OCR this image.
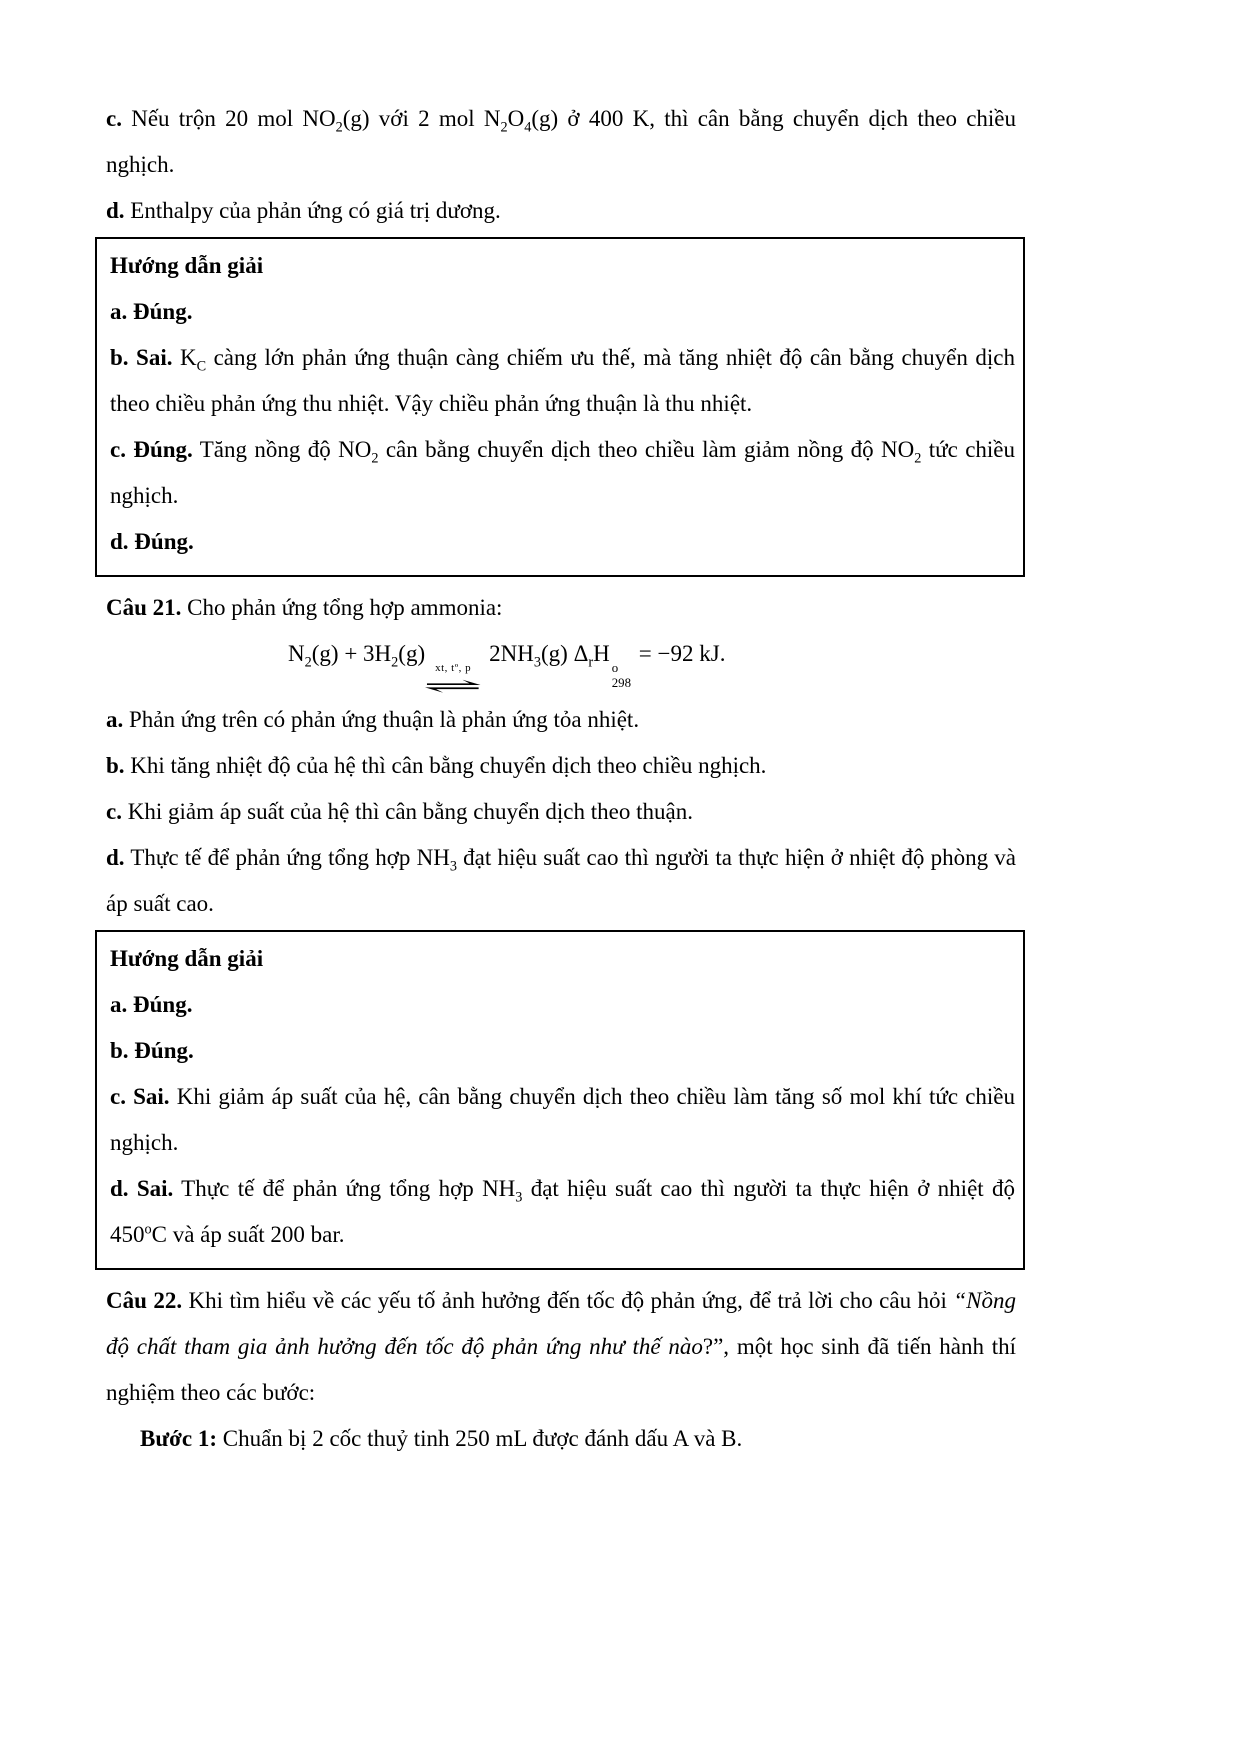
c. Nếu trộn 20 mol $NO_2(g)$ với 2 mol $N_2O_4(g)$ ở 400 K, thì cân bằng chuyển dịch theo chiều nghịch.

d. Enthalpy của phản ứng có giá trị dương.

Hướng dẫn giải

a. Đúng.

b. Sai. $K_C$ càng lớn phản ứng thuận càng chiếm ưu thế, mà tăng nhiệt độ cân bằng chuyển dịch theo chiều phản ứng thu nhiệt. Vậy chiều phản ứng thuận là thu nhiệt.

c. Đúng. Tăng nồng độ $NO_2$ cân bằng chuyển dịch theo chiều làm giảm nồng độ $NO_2$ tức chiều nghịch.

d. Đúng.

Câu 21. Cho phản ứng tổng hợp ammonia:

$N_2(g) + 3H_2(g)$
xt, tº, p
⇌
$2NH_3(g)$ $\Delta_rH$
o
298
= −92 kJ.

a. Phản ứng trên có phản ứng thuận là phản ứng tỏa nhiệt.

b. Khi tăng nhiệt độ của hệ thì cân bằng chuyển dịch theo chiều nghịch.

c. Khi giảm áp suất của hệ thì cân bằng chuyển dịch theo thuận.

d. Thực tế để phản ứng tổng hợp $NH_3$ đạt hiệu suất cao thì người ta thực hiện ở nhiệt độ phòng và áp suất cao.

Hướng dẫn giải

a. Đúng.

b. Đúng.

c. Sai. Khi giảm áp suất của hệ, cân bằng chuyển dịch theo chiều làm tăng số mol khí tức chiều nghịch.

d. Sai. Thực tế để phản ứng tổng hợp $NH_3$ đạt hiệu suất cao thì người ta thực hiện ở nhiệt độ 450$^o$C và áp suất 200 bar.

Câu 22. Khi tìm hiểu về các yếu tố ảnh hưởng đến tốc độ phản ứng, để trả lời cho câu hỏi “Nồng độ chất tham gia ảnh hưởng đến tốc độ phản ứng như thế nào?”, một học sinh đã tiến hành thí nghiệm theo các bước:

Bước 1: Chuẩn bị 2 cốc thuỷ tinh 250 mL được đánh dấu A và B.
